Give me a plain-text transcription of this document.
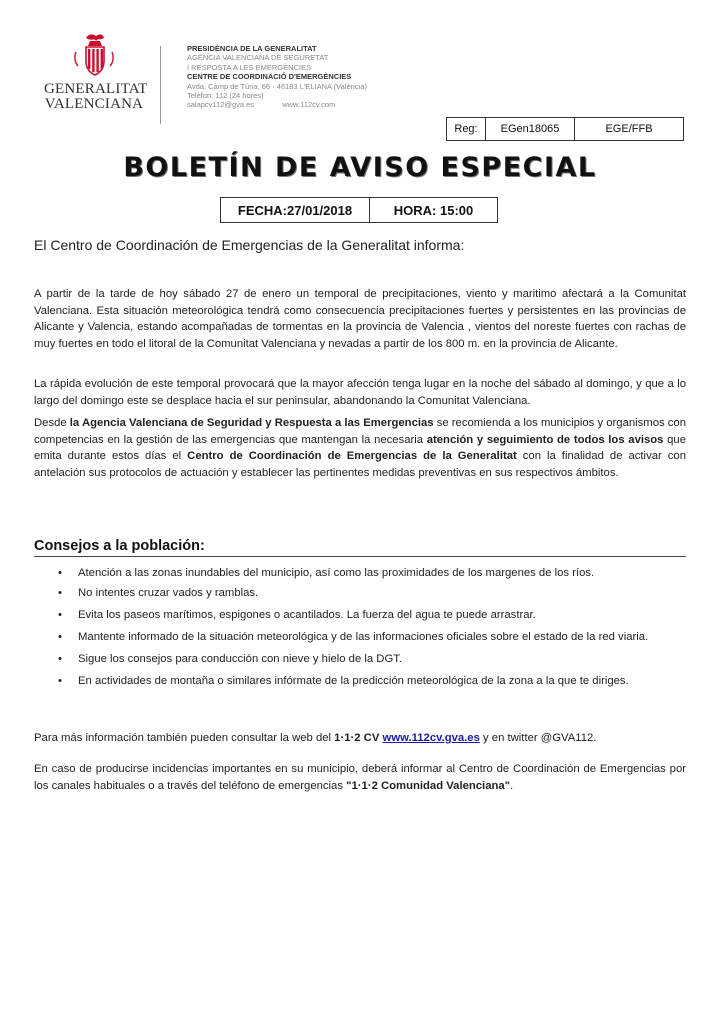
GENERALITAT
VALENCIANA
PRESIDÈNCIA DE LA GENERALITAT
AGÈNCIA VALENCIANA DE SEGURETAT
I RESPOSTA A LES EMERGÈNCIES
CENTRE DE COORDINACIÓ D'EMERGÈNCIES
Avda. Camp de Túria, 66 · 46183 L'ELIANA (València)
Telèfon: 112 (24 hores)
salapcv112@gva.es	www.112cv.com
Reg:	EGen18065	EGE/FFB
BOLETÍN DE AVISO ESPECIAL
FECHA:27/01/2018	HORA: 15:00
El Centro de Coordinación de Emergencias de la Generalitat informa:

A partir de la tarde de hoy sábado 27 de enero un temporal de precipitaciones, viento y maritimo afectará a la Comunitat Valenciana. Esta situación meteorológica tendrá como consecuencia precipitaciones fuertes y persistentes en las provincias de Alicante y Valencia, estando acompañadas de tormentas en la provincia de Valencia , vientos del noreste fuertes con rachas de muy fuertes en todo el litoral de la Comunitat Valenciana y nevadas a partir de los 800 m. en la provincia de Alicante.

La rápida evolución de este temporal provocará que la mayor afección tenga lugar en la noche del sábado al domingo, y que a lo largo del domingo este se desplace hacia el sur peninsular, abandonando la Comunitat Valenciana.

Desde la Agencia Valenciana de Seguridad y Respuesta a las Emergencias se recomienda a los municipios y organismos con competencias en la gestión de las emergencias que mantengan la necesaria atención y seguimiento de todos los avisos que emita durante estos días el Centro de Coordinación de Emergencias de la Generalitat con la finalidad de activar con antelación sus protocolos de actuación y establecer las pertinentes medidas preventivas en sus respectivos ámbitos.

Consejos a la población:
• Atención a las zonas inundables del municipio, así como las proximidades de los margenes de los ríos.
• No intentes cruzar vados y ramblas.
• Evita los paseos marítimos, espigones o acantilados. La fuerza del agua te puede arrastrar.
• Mantente informado de la situación meteorológica y de las informaciones oficiales sobre el estado de la red viaria.
• Sigue los consejos para conducción con nieve y hielo de la DGT.
• En actividades de montaña o similares infórmate de la predicción meteorológica de la zona a la que te diriges.

Para más información también pueden consultar la web del 1·1·2 CV www.112cv.gva.es y en twitter @GVA112.

En caso de producirse incidencias importantes en su municipio, deberá informar al Centro de Coordinación de Emergencias por los canales habituales o a través del teléfono de emergencias "1·1·2 Comunidad Valenciana".
